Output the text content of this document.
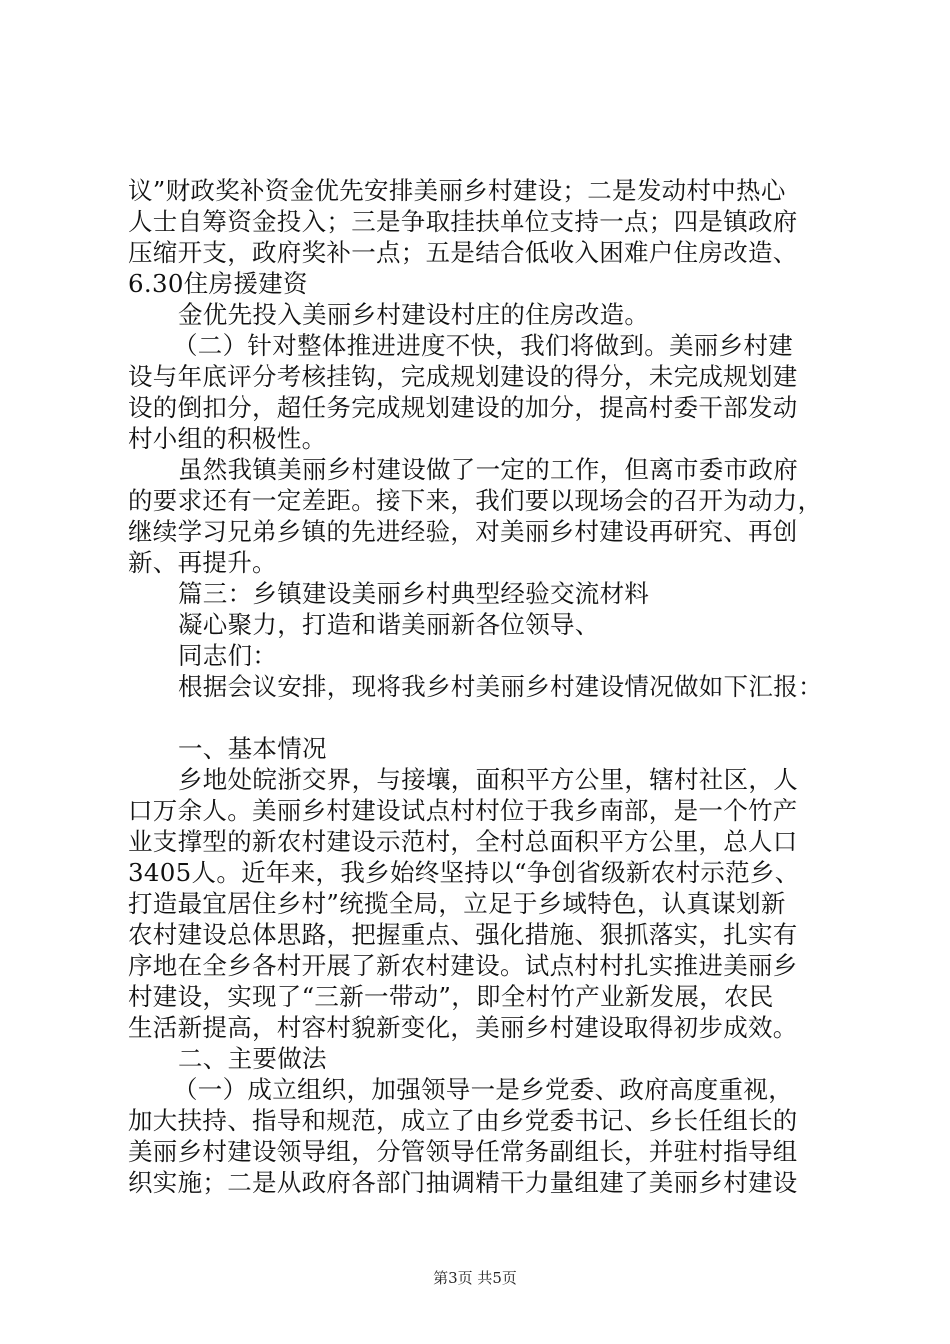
议”财政奖补资金优先安排美丽乡村建设；二是发动村中热心
人士自筹资金投入；三是争取挂扶单位支持一点；四是镇政府
压缩开支，政府奖补一点；五是结合低收入困难户住房改造、
6.30住房援建资
金优先投入美丽乡村建设村庄的住房改造。
（二）针对整体推进进度不快，我们将做到。美丽乡村建
设与年底评分考核挂钩，完成规划建设的得分，未完成规划建
设的倒扣分，超任务完成规划建设的加分，提高村委干部发动
村小组的积极性。
虽然我镇美丽乡村建设做了一定的工作，但离市委市政府
的要求还有一定差距。接下来，我们要以现场会的召开为动力，
继续学习兄弟乡镇的先进经验，对美丽乡村建设再研究、再创
新、再提升。
篇三：乡镇建设美丽乡村典型经验交流材料
凝心聚力，打造和谐美丽新各位领导、
同志们：
根据会议安排，现将我乡村美丽乡村建设情况做如下汇报：
一、基本情况
乡地处皖浙交界，与接壤，面积平方公里，辖村社区，人
口万余人。美丽乡村建设试点村村位于我乡南部，是一个竹产
业支撑型的新农村建设示范村，全村总面积平方公里，总人口
3405人。近年来，我乡始终坚持以“争创省级新农村示范乡、
打造最宜居住乡村”统揽全局，立足于乡域特色，认真谋划新
农村建设总体思路，把握重点、强化措施、狠抓落实，扎实有
序地在全乡各村开展了新农村建设。试点村村扎实推进美丽乡
村建设，实现了“三新一带动”，即全村竹产业新发展，农民
生活新提高，村容村貌新变化，美丽乡村建设取得初步成效。
二、主要做法
（一）成立组织，加强领导一是乡党委、政府高度重视，
加大扶持、指导和规范，成立了由乡党委书记、乡长任组长的
美丽乡村建设领导组，分管领导任常务副组长，并驻村指导组
织实施；二是从政府各部门抽调精干力量组建了美丽乡村建设
第3页 共5页
